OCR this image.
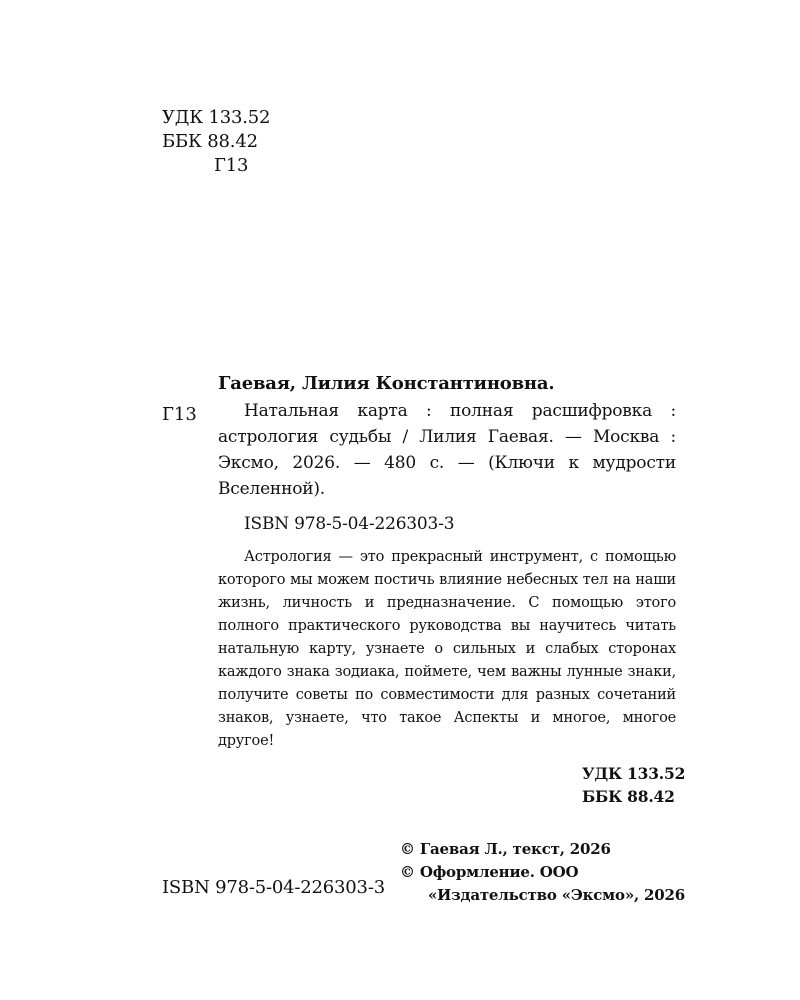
УДК 133.52
ББК 88.42
Г13
Гаевая, Лилия Константиновна.
Г13	Натальная карта : полная расшифровка : астрология судьбы / Лилия Гаевая. — Москва : Эксмо, 2026. — 480 с. — (Ключи к мудрости Вселенной).
ISBN 978-5-04-226303-3
Астрология — это прекрасный инструмент, с помощью которого мы можем постичь влияние небесных тел на наши жизнь, личность и предназначение. С помощью этого полного практического руководства вы научитесь читать натальную карту, узнаете о сильных и слабых сторонах каждого знака зодиака, поймете, чем важны лунные знаки, получите советы по совместимости для разных сочетаний знаков, узнаете, что такое Аспекты и многое, многое другое!
УДК 133.52
ББК 88.42
© Гаевая Л., текст, 2026
© Оформление. ООО
«Издательство «Эксмо», 2026
ISBN 978-5-04-226303-3
